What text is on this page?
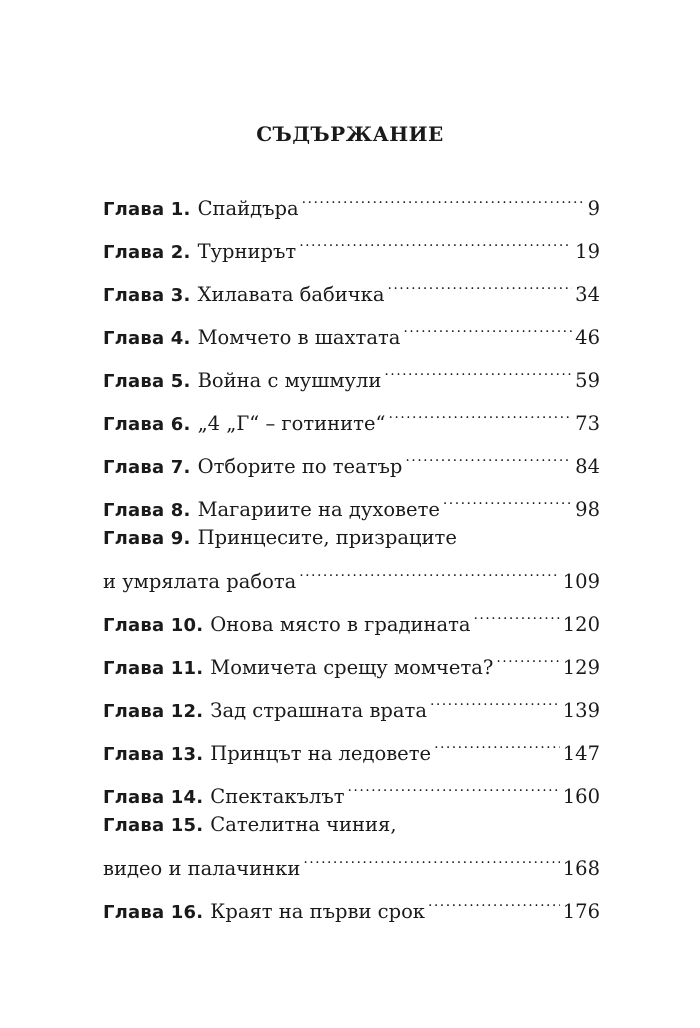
СЪДЪРЖАНИЕ
Глава 1. Спайдъра . . .	9
Глава 2. Турнирът . . .	19
Глава 3. Хилавата бабичка . . .	34
Глава 4. Момчето в шахтата . . .	46
Глава 5. Война с мушмули . . .	59
Глава 6. „4 „Г“ – готините“ . . .	73
Глава 7. Отборите по театър . . .	84
Глава 8. Магариите на духовете . . .	98
Глава 9. Принцесите, призраците
и умрялата работа . . .	109
Глава 10. Онова място в градината . . .	120
Глава 11. Момичета срещу момчета? . . .	129
Глава 12. Зад страшната врата . . .	139
Глава 13. Принцът на ледовете . . .	147
Глава 14. Спектакълът . . .	160
Глава 15. Сателитна чиния,
видео и палачинки . . .	168
Глава 16. Краят на първи срок . . .	176
